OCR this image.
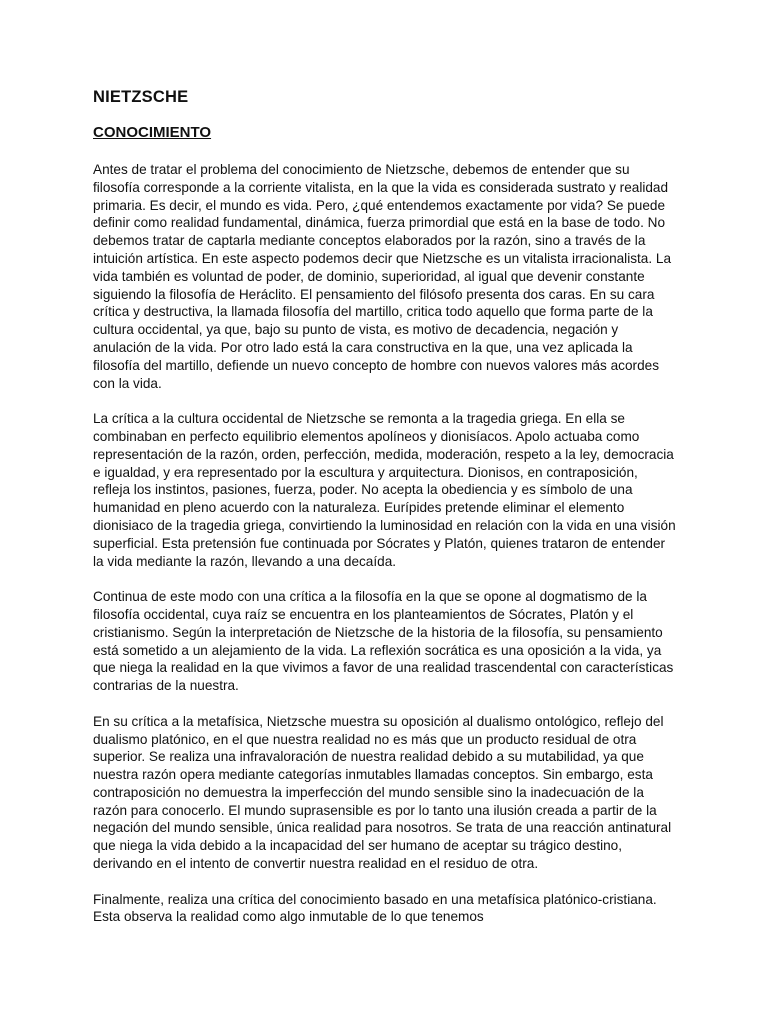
NIETZSCHE
CONOCIMIENTO

Antes de tratar el problema del conocimiento de Nietzsche, debemos de entender que su filosofía corresponde a la corriente vitalista, en la que la vida es considerada sustrato y realidad primaria. Es decir, el mundo es vida. Pero, ¿qué entendemos exactamente por vida? Se puede definir como realidad fundamental, dinámica, fuerza primordial que está en la base de todo. No debemos tratar de captarla mediante conceptos elaborados por la razón, sino a través de la intuición artística. En este aspecto podemos decir que Nietzsche es un vitalista irracionalista. La vida también es voluntad de poder, de dominio, superioridad, al igual que devenir constante siguiendo la filosofía de Heráclito. El pensamiento del filósofo presenta dos caras. En su cara crítica y destructiva, la llamada filosofía del martillo, critica todo aquello que forma parte de la cultura occidental, ya que, bajo su punto de vista, es motivo de decadencia, negación y anulación de la vida. Por otro lado está la cara constructiva en la que, una vez aplicada la filosofía del martillo, defiende un nuevo concepto de hombre con nuevos valores más acordes con la vida.

La crítica a la cultura occidental de Nietzsche se remonta a la tragedia griega. En ella se combinaban en perfecto equilibrio elementos apolíneos y dionisíacos. Apolo actuaba como representación de la razón, orden, perfección, medida, moderación, respeto a la ley, democracia e igualdad, y era representado por la escultura y arquitectura. Dionisos, en contraposición, refleja los instintos, pasiones, fuerza, poder. No acepta la obediencia y es símbolo de una humanidad en pleno acuerdo con la naturaleza. Eurípides pretende eliminar el elemento dionisiaco de la tragedia griega, convirtiendo la luminosidad en relación con la vida en una visión superficial. Esta pretensión fue continuada por Sócrates y Platón, quienes trataron de entender la vida mediante la razón, llevando a una decaída.

Continua de este modo con una crítica a la filosofía en la que se opone al dogmatismo de la filosofía occidental, cuya raíz se encuentra en los planteamientos de Sócrates, Platón y el cristianismo. Según la interpretación de Nietzsche de la historia de la filosofía, su pensamiento está sometido a un alejamiento de la vida. La reflexión socrática es una oposición a la vida, ya que niega la realidad en la que vivimos a favor de una realidad trascendental con características contrarias de la nuestra.

En su crítica a la metafísica, Nietzsche muestra su oposición al dualismo ontológico, reflejo del dualismo platónico, en el que nuestra realidad no es más que un producto residual de otra superior. Se realiza una infravaloración de nuestra realidad debido a su mutabilidad, ya que nuestra razón opera mediante categorías inmutables llamadas conceptos. Sin embargo, esta contraposición no demuestra la imperfección del mundo sensible sino la inadecuación de la razón para conocerlo. El mundo suprasensible es por lo tanto una ilusión creada a partir de la negación del mundo sensible, única realidad para nosotros. Se trata de una reacción antinatural que niega la vida debido a la incapacidad del ser humano de aceptar su trágico destino, derivando en el intento de convertir nuestra realidad en el residuo de otra.

Finalmente, realiza una crítica del conocimiento basado en una metafísica platónico-cristiana. Esta observa la realidad como algo inmutable de lo que tenemos
